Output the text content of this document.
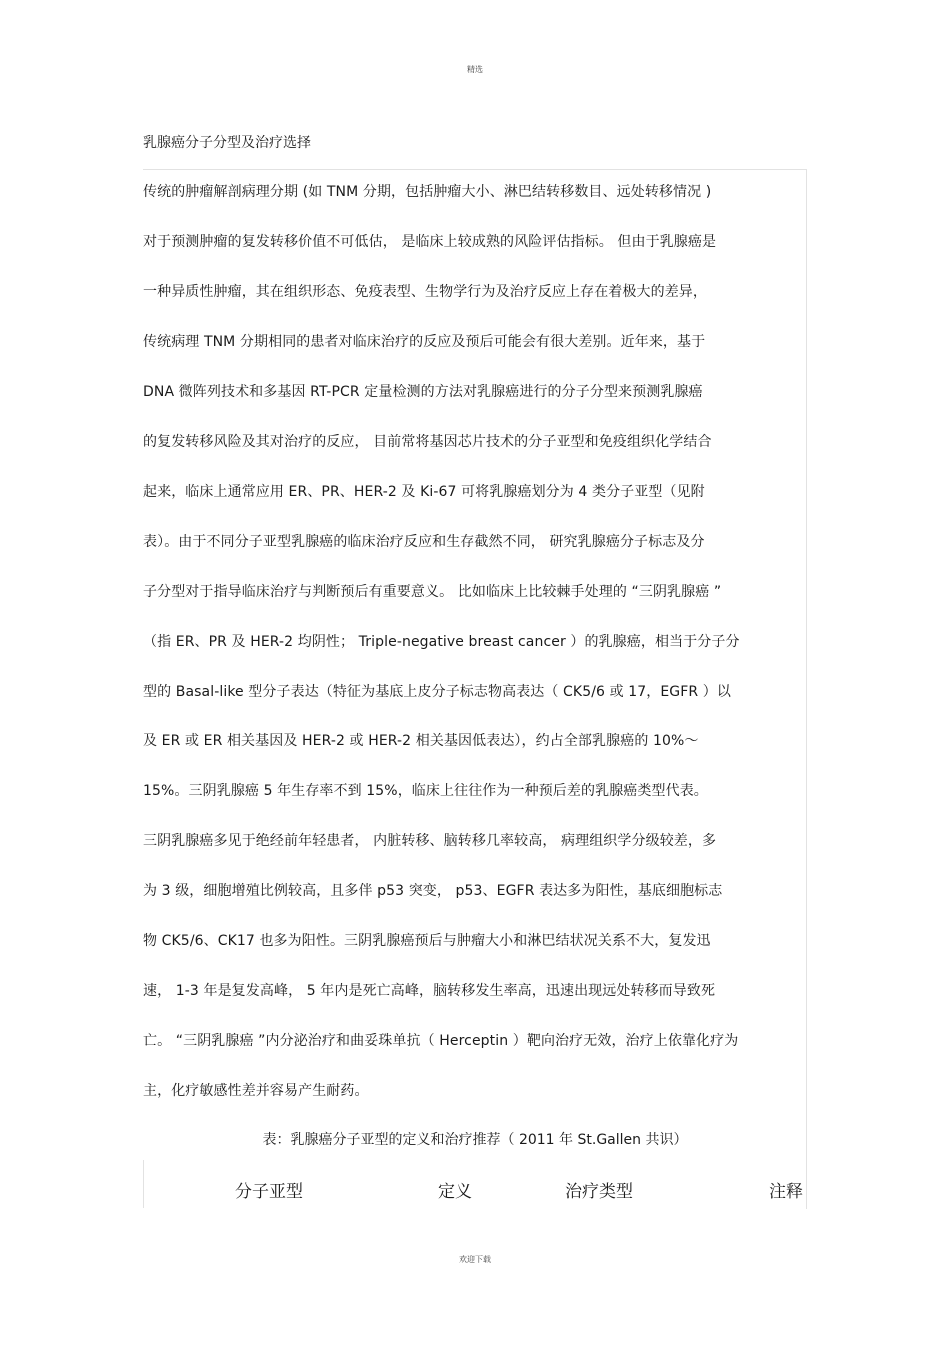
精选
乳腺癌分子分型及治疗选择
传统的肿瘤解剖病理分期 (如 TNM 分期，包括肿瘤大小、淋巴结转移数目、远处转移情况 )
对于预测肿瘤的复发转移价值不可低估， 是临床上较成熟的风险评估指标。 但由于乳腺癌是
一种异质性肿瘤，其在组织形态、免疫表型、生物学行为及治疗反应上存在着极大的差异，
传统病理 TNM 分期相同的患者对临床治疗的反应及预后可能会有很大差别。近年来，基于
DNA 微阵列技术和多基因 RT-PCR 定量检测的方法对乳腺癌进行的分子分型来预测乳腺癌
的复发转移风险及其对治疗的反应， 目前常将基因芯片技术的分子亚型和免疫组织化学结合
起来，临床上通常应用 ER、PR、HER-2 及 Ki-67 可将乳腺癌划分为 4 类分子亚型（见附
表）。由于不同分子亚型乳腺癌的临床治疗反应和生存截然不同， 研究乳腺癌分子标志及分
子分型对于指导临床治疗与判断预后有重要意义。 比如临床上比较棘手处理的 “三阴乳腺癌 ”
（指 ER、PR 及 HER-2 均阴性； Triple-negative breast cancer ）的乳腺癌，相当于分子分
型的 Basal-like 型分子表达（特征为基底上皮分子标志物高表达（ CK5/6 或 17，EGFR ）以
及 ER 或 ER 相关基因及 HER-2 或 HER-2 相关基因低表达），约占全部乳腺癌的 10%～
15%。三阴乳腺癌 5 年生存率不到 15%，临床上往往作为一种预后差的乳腺癌类型代表。
三阴乳腺癌多见于绝经前年轻患者， 内脏转移、脑转移几率较高， 病理组织学分级较差，多
为 3 级，细胞增殖比例较高，且多伴 p53 突变， p53、EGFR 表达多为阳性，基底细胞标志
物 CK5/6、CK17 也多为阳性。三阴乳腺癌预后与肿瘤大小和淋巴结状况关系不大，复发迅
速， 1-3 年是复发高峰， 5 年内是死亡高峰，脑转移发生率高，迅速出现远处转移而导致死
亡。 “三阴乳腺癌 ”内分泌治疗和曲妥珠单抗（ Herceptin ）靶向治疗无效，治疗上依靠化疗为
主，化疗敏感性差并容易产生耐药。
表：乳腺癌分子亚型的定义和治疗推荐（ 2011 年 St.Gallen 共识）
分子亚型	定义	治疗类型	注释
欢迎下载
